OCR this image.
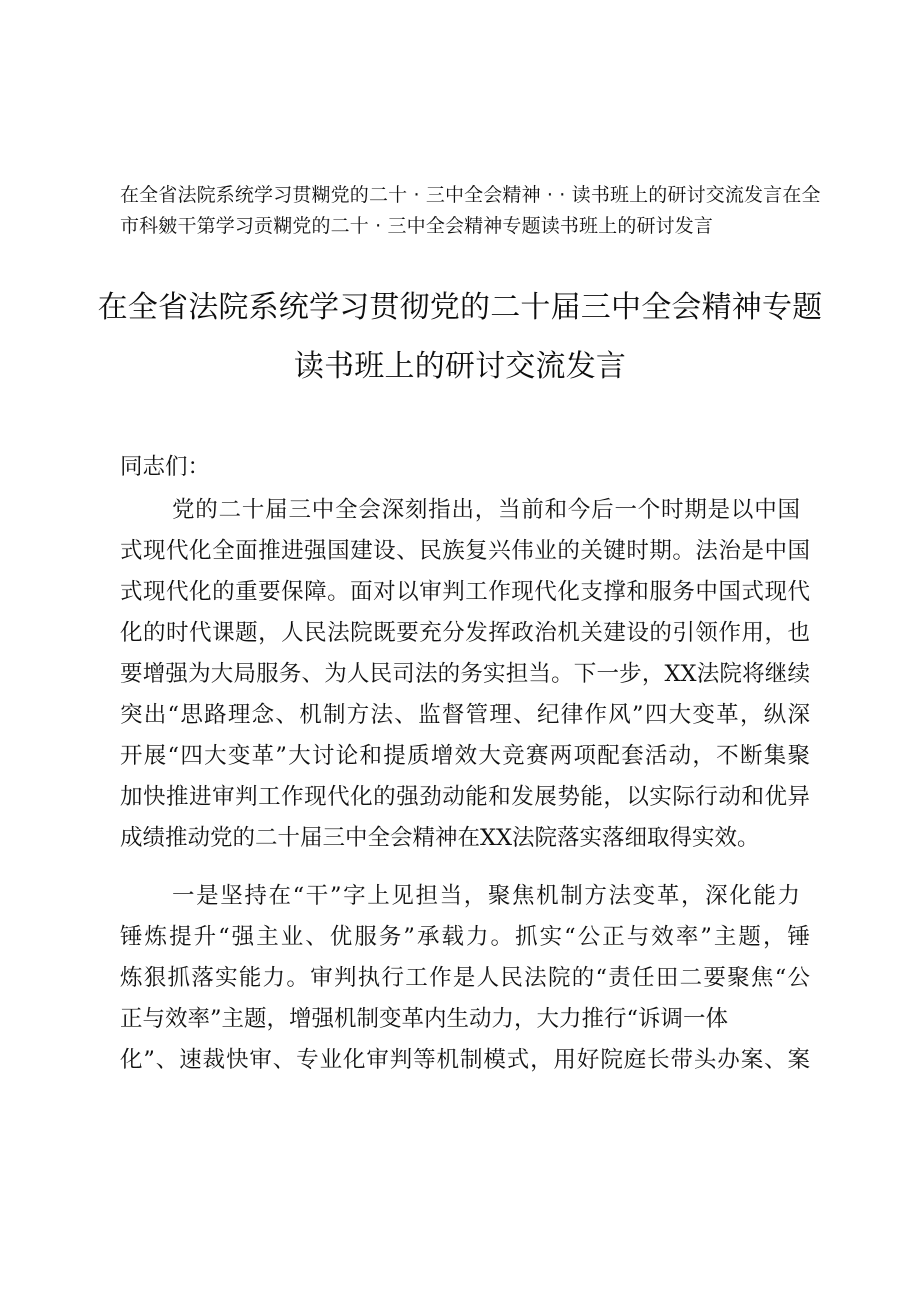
在全省法院系统学习贯糊党的二十 · 三中全会精神 · · 读书班上的研讨交流发言在全
市科皴干第学习贡糊党的二十 · 三中全会精神专题读书班上的研讨发言
在全省法院系统学习贯彻党的二十届三中全会精神专题
读书班上的研讨交流发言
同志们：
党的二十届三中全会深刻指出，当前和今后一个时期是以中国
式现代化全面推进强国建设、民族复兴伟业的关键时期。法治是中国
式现代化的重要保障。面对以审判工作现代化支撑和服务中国式现代
化的时代课题，人民法院既要充分发挥政治机关建设的引领作用，也
要增强为大局服务、为人民司法的务实担当。下一步，XX法院将继续
突出“思路理念、机制方法、监督管理、纪律作风”四大变革，纵深
开展“四大变革”大讨论和提质增效大竞赛两项配套活动，不断集聚
加快推进审判工作现代化的强劲动能和发展势能，以实际行动和优异
成绩推动党的二十届三中全会精神在XX法院落实落细取得实效。
一是坚持在“干”字上见担当，聚焦机制方法变革，深化能力
锤炼提升“强主业、优服务”承载力。抓实“公正与效率”主题，锤
炼狠抓落实能力。审判执行工作是人民法院的“责任田二要聚焦“公
正与效率”主题，增强机制变革内生动力，大力推行“诉调一体
化”、速裁快审、专业化审判等机制模式，用好院庭长带头办案、案
